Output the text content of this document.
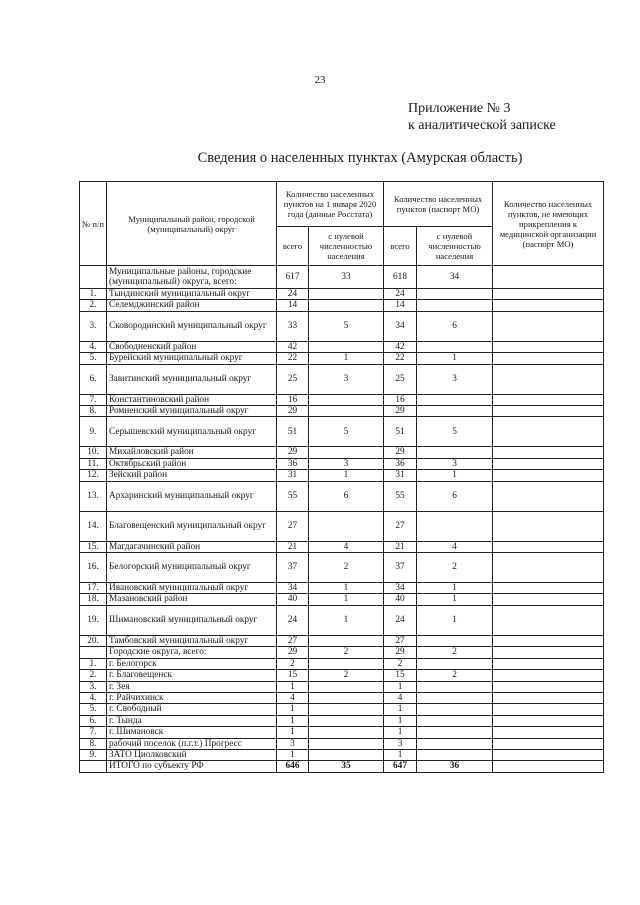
23
Приложение № 3
к аналитической записке
Сведения о населенных пунктах (Амурская область)
№ п/п	Муниципальный район, городской (муниципальный) округ	Количество населенных пунктов на 1 января 2020 года (данные Росстата)		Количество населенных пунктов (паспорт МО)		Количество населенных пунктов, не имеющих прикрепления к медицинской организации (паспорт МО)
		всего	с нулевой численностью населения	всего	с нулевой численностью населения	
	Муниципальные районы, городские (муниципальный) округа, всего:	617	33	618	34	
1.	Тындинский муниципальный округ	24		24		
2.	Селемджинский район	14		14		
3.	Сковородинский муниципальный округ	33	5	34	6	
4.	Свободненский район	42		42		
5.	Бурейский муниципальный округ	22	1	22	1	
6.	Завитинский муниципальный округ	25	3	25	3	
7.	Константиновский район	16		16		
8.	Ромненский муниципальный округ	29		29		
9.	Серышевский муниципальный округ	51	5	51	5	
10.	Михайловский район	29		29		
11.	Октябрьский район	36	3	36	3	
12.	Зейский район	31	1	31	1	
13.	Архаринский муниципальный округ	55	6	55	6	
14.	Благовещенский муниципальный округ	27		27		
15.	Магдагачинский район	21	4	21	4	
16.	Белогорский муниципальный округ	37	2	37	2	
17.	Ивановский муниципальный округ	34	1	34	1	
18.	Мазановский район	40	1	40	1	
19.	Шимановский муниципальный округ	24	1	24	1	
20.	Тамбовский муниципальный округ	27		27		
	Городские округа, всего:	29	2	29	2	
1.	г. Белогорск	2		2		
2.	г. Благовещенск	15	2	15	2	
3.	г. Зея	1		1		
4.	г. Райчихинск	4		4		
5.	г. Свободный	1		1		
6.	г. Тында	1		1		
7.	г. Шимановск	1		1		
8.	рабочий поселок (п.г.т.) Прогресс	3		3		
9.	ЗАТО Циолковский	1		1		
	ИТОГО по субъекту РФ	646	35	647	36	
